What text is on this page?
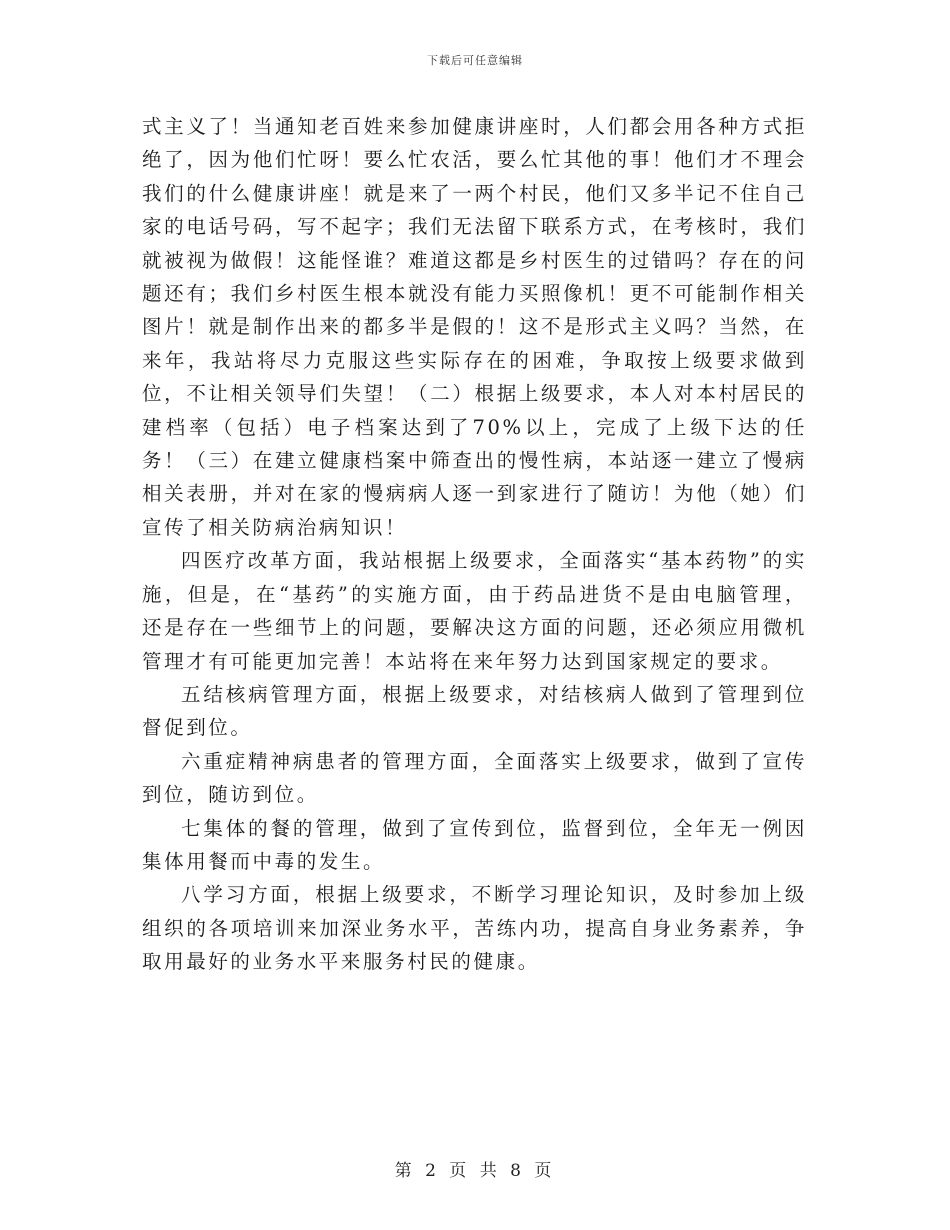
下载后可任意编辑

式主义了！当通知老百姓来参加健康讲座时，人们都会用各种方式拒绝了，因为他们忙呀！要么忙农活，要么忙其他的事！他们才不理会我们的什么健康讲座！就是来了一两个村民，他们又多半记不住自己家的电话号码，写不起字；我们无法留下联系方式，在考核时，我们就被视为做假！这能怪谁？难道这都是乡村医生的过错吗？存在的问题还有；我们乡村医生根本就没有能力买照像机！更不可能制作相关图片！就是制作出来的都多半是假的！这不是形式主义吗？当然，在来年，我站将尽力克服这些实际存在的困难，争取按上级要求做到位，不让相关领导们失望！（二）根据上级要求，本人对本村居民的建档率（包括）电子档案达到了70%以上，完成了上级下达的任务！（三）在建立健康档案中筛查出的慢性病，本站逐一建立了慢病相关表册，并对在家的慢病病人逐一到家进行了随访！为他（她）们宣传了相关防病治病知识！

四医疗改革方面，我站根据上级要求，全面落实“基本药物”的实施，但是，在“基药”的实施方面，由于药品进货不是由电脑管理，还是存在一些细节上的问题，要解决这方面的问题，还必须应用微机管理才有可能更加完善！本站将在来年努力达到国家规定的要求。

五结核病管理方面，根据上级要求，对结核病人做到了管理到位督促到位。

六重症精神病患者的管理方面，全面落实上级要求，做到了宣传到位，随访到位。

七集体的餐的管理，做到了宣传到位，监督到位，全年无一例因集体用餐而中毒的发生。

八学习方面，根据上级要求，不断学习理论知识，及时参加上级组织的各项培训来加深业务水平，苦练内功，提高自身业务素养，争取用最好的业务水平来服务村民的健康。

第 2 页 共 8 页
